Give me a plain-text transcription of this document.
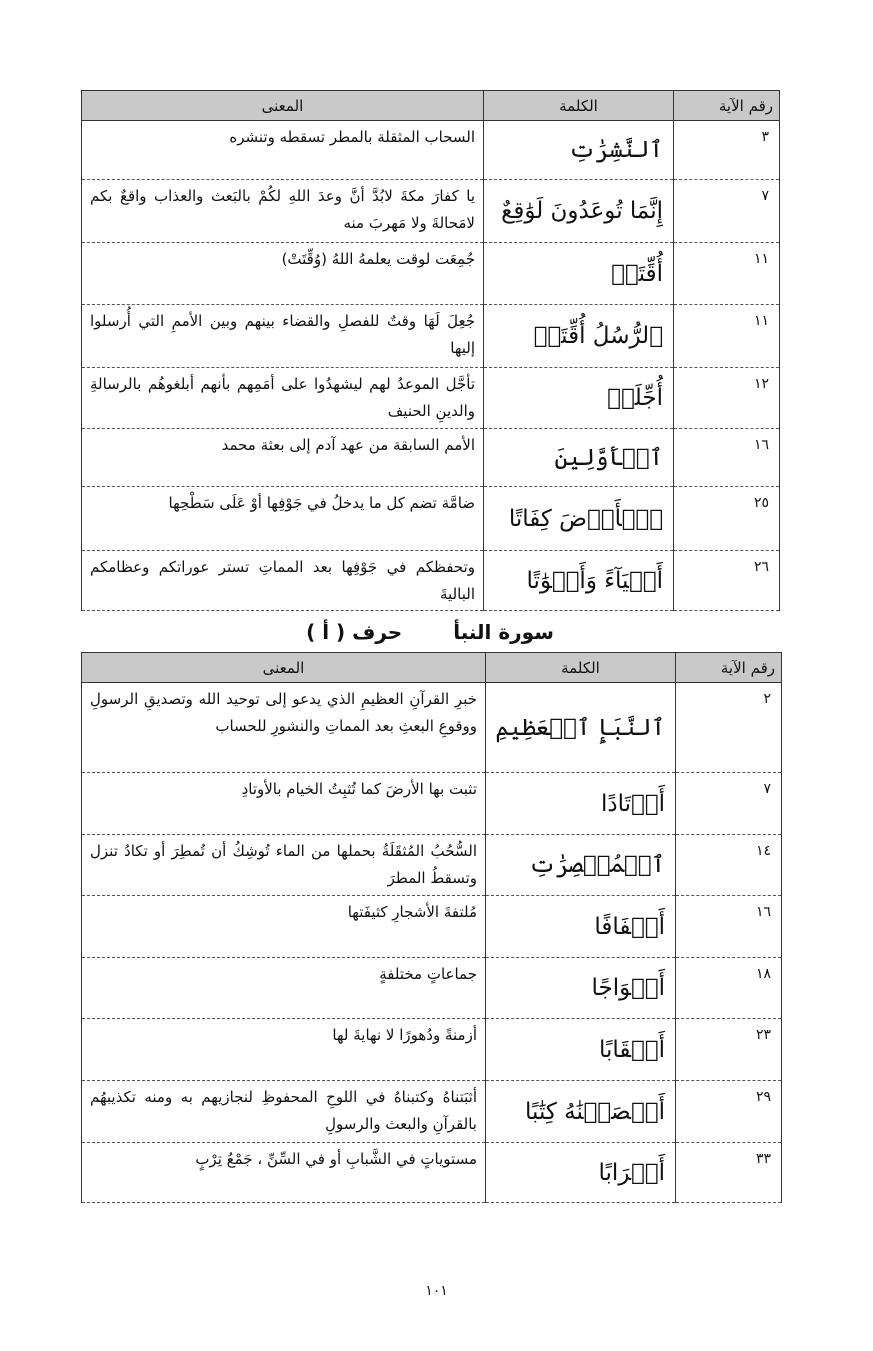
رقم الآية	الكلمة	المعنى
٣	ٱلنَّشِرَٰتِ	السحاب المثقلة بالمطر تسقطه وتنشره
٧	إِنَّمَا تُوعَدُونَ لَوَٰقِعٌ	يا كفارَ مكةَ لابُدَّ أنَّ وعدَ اللهِ لكُمْ بالبَعث والعذاب واقعٌ بكم لامَحالةَ ولا مَهربَ منه
١١	أُقِّتَتۡ	جُمِعَت لوقت يعلمهُ اللهُ (وُقِّتَتْ)
١١	ٱلرُّسُلُ أُقِّتَتۡ	جُعِلَ لَهَا وقتٌ للفصلِ والقضاء بينهم وبين الأممِ التي أُرسلوا إليها
١٢	أُجِّلَتۡ	تأجَّل الموعدُ لهم ليشهدُوا على أمَمِهم بأنهم أبلغوهُم بالرسالةِ والدينِ الحنيف
١٦	ٱلۡأَوَّلِينَ	الأمم السابقة من عهد آدم إلى بعثة محمد
٢٥	ٱلۡأَرۡضَ كِفَاتًا	ضامَّة تضم كل ما يدخلُ في جَوْفِها أوْ عَلَى سَطْحِها
٢٦	أَحۡيَآءً وَأَمۡوَٰتًا	وتحفظكم في جَوْفِها بعد المماتِ تستر عوراتكم وعظامكم الباليةَ
سورة النبأ حرف ( أ )
رقم الآية	الكلمة	المعنى
٢	ٱلنَّبَإِ ٱلۡعَظِيمِ	خبرِ القرآنِ العظيمِ الذي يدعو إلى توحيد الله وتصديقِ الرسولِ ووقوعِ البعثِ بعد المماتِ والنشورِ للحساب
٧	أَوۡتَادًا	تثبت بها الأرضَ كما تُثبِتُ الخيام بالأوتادِ
١٤	ٱلۡمُعۡصِرَٰتِ	السُّحُبُ المُثقَلَةُ بحملها من الماء تُوشِكُ أن تُمطِرَ أو تكادُ تنزل وتسقطُ المطرَ
١٦	أَلۡفَافًا	مُلتفةَ الأشجارِ كثيفَتها
١٨	أَفۡوَاجًا	جماعاتٍ مختلفةٍ
٢٣	أَحۡقَابًا	أزمنةً ودُهورًا لا نهايةَ لها
٢٩	أَحۡصَيۡنَٰهُ كِتَٰبًا	أثبَتناهُ وكتبناهُ في اللوحِ المحفوظِ لنجازيهم به ومنه تكذيبهُم بالقرآنِ والبعث والرسولِ
٣٣	أَتۡرَابًا	مستوياتٍ في الشَّبابِ أو في السِّنِّ ، جَمْعُ تِرْبٍ
١٠١
